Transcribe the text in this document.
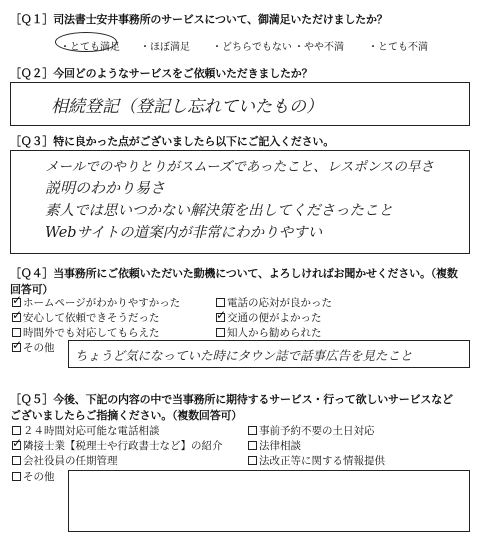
［Ｑ１］司法書士安井事務所のサービスについて、御満足いただけましたか？
・とても満足 ・ほぼ満足 ・どちらでもない ・やや不満 ・とても不満
［Ｑ２］今回どのようなサービスをご依頼いただきましたか？
相続登記（登記し忘れていたもの）
［Ｑ３］特に良かった点がございましたら以下にご記入ください。
メールでのやりとりがスムーズであったこと、レスポンスの早さ
説明のわかり易さ
素人では思いつかない解決策を出してくださったこと
Webサイトの道案内が非常にわかりやすい
［Ｑ４］当事務所にご依頼いただいた動機について、よろしければお聞かせください。（複数
回答可）
✓ホームページがわかりやすかった	電話の応対が良かった
✓安心して依頼できそうだった
✓	交通の便がよかった
時間外でも対応してもらえた	知人から勧められた
✓その他 ちょうど気になっていた時にタウン誌で話事広告を見たこと
［Ｑ５］今後、下記の内容の中で当事務所に期待するサービス・行って欲しいサービスなど
ございましたらご指摘ください。（複数回答可）
２４時間対応可能な電話相談	事前予約不要の土日対応
✓隣接士業【税理士や行政書士など】の紹介	法律相談
会社役員の任期管理	法改正等に関する情報提供
その他
